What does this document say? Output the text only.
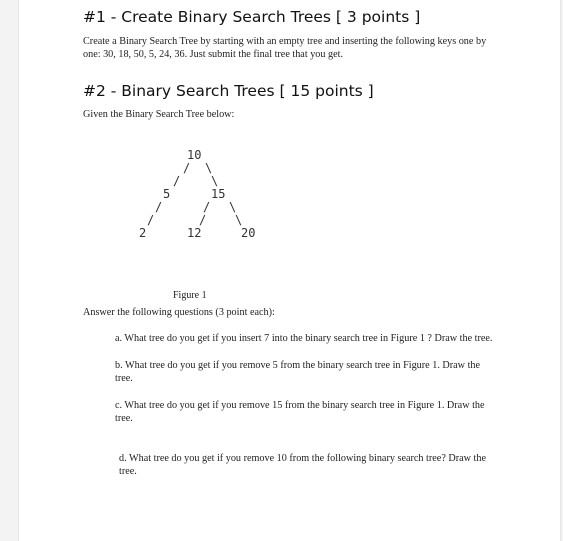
#1 - Create Binary Search Trees [ 3 points ]

Create a Binary Search Tree by starting with an empty tree and inserting the following keys one by one: 30, 18, 50, 5, 24, 36. Just submit the final tree that you get.

#2 - Binary Search Trees [ 15 points ]

Given the Binary Search Tree below:

10
/ \
/	\
5	15
/	/ \
/	/ \
2	12	20

Figure 1

Answer the following questions (3 point each):

a. What tree do you get if you insert 7 into the binary search tree in Figure 1 ? Draw the tree.

b. What tree do you get if you remove 5 from the binary search tree in Figure 1. Draw the tree.

c. What tree do you get if you remove 15 from the binary search tree in Figure 1. Draw the tree.

d. What tree do you get if you remove 10 from the following binary search tree? Draw the tree.
